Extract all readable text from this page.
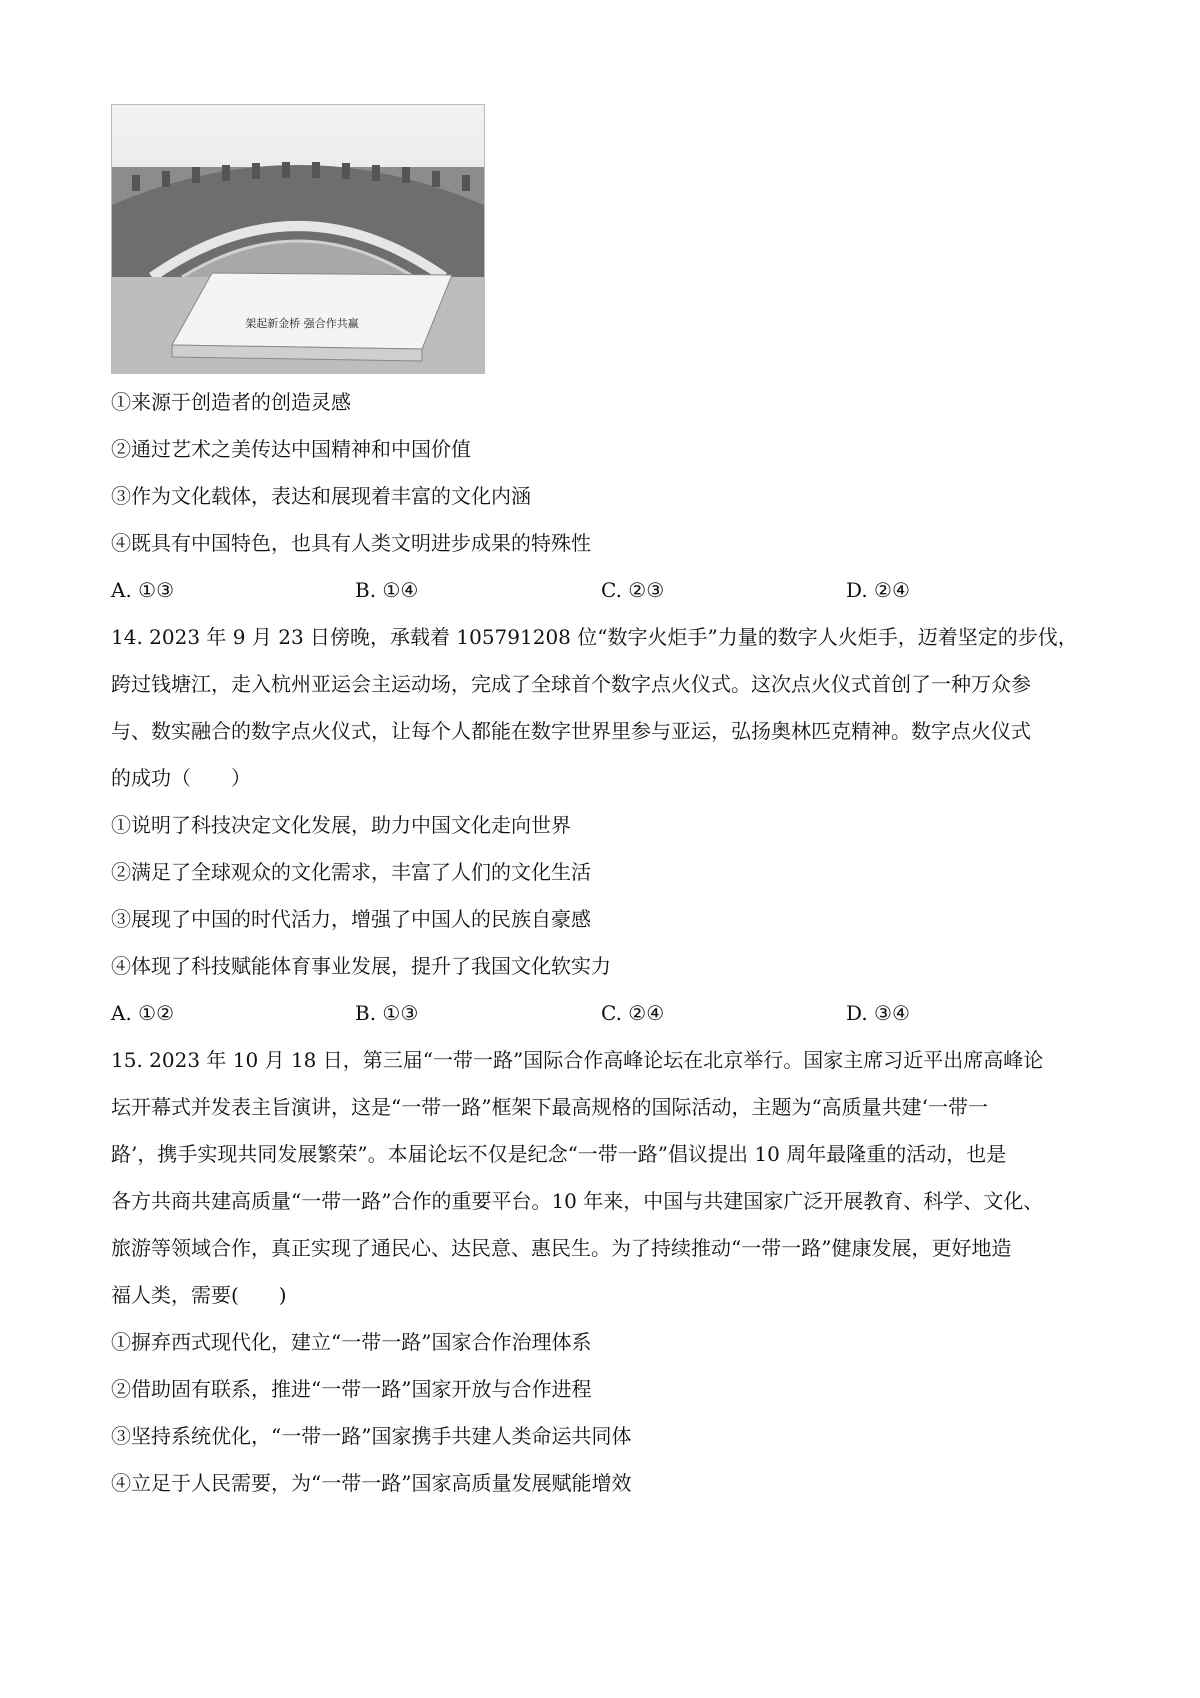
架起新金桥 强合作共赢
①来源于创造者的创造灵感
②通过艺术之美传达中国精神和中国价值
③作为文化载体，表达和展现着丰富的文化内涵
④既具有中国特色，也具有人类文明进步成果的特殊性
A. ①③	B. ①④	C. ②③	D. ②④
14. 2023 年 9 月 23 日傍晚，承载着 105791208 位“数字火炬手”力量的数字人火炬手，迈着坚定的步伐，
跨过钱塘江，走入杭州亚运会主运动场，完成了全球首个数字点火仪式。这次点火仪式首创了一种万众参
与、数实融合的数字点火仪式，让每个人都能在数字世界里参与亚运，弘扬奥林匹克精神。数字点火仪式
的成功（　　）
①说明了科技决定文化发展，助力中国文化走向世界
②满足了全球观众的文化需求，丰富了人们的文化生活
③展现了中国的时代活力，增强了中国人的民族自豪感
④体现了科技赋能体育事业发展，提升了我国文化软实力
A. ①②	B. ①③	C. ②④	D. ③④
15. 2023 年 10 月 18 日，第三届“一带一路”国际合作高峰论坛在北京举行。国家主席习近平出席高峰论
坛开幕式并发表主旨演讲，这是“一带一路”框架下最高规格的国际活动，主题为“高质量共建‘一带一
路’，携手实现共同发展繁荣”。本届论坛不仅是纪念“一带一路”倡议提出 10 周年最隆重的活动，也是
各方共商共建高质量“一带一路”合作的重要平台。10 年来，中国与共建国家广泛开展教育、科学、文化、
旅游等领域合作，真正实现了通民心、达民意、惠民生。为了持续推动“一带一路”健康发展，更好地造
福人类，需要(　　)
①摒弃西式现代化，建立“一带一路”国家合作治理体系
②借助固有联系，推进“一带一路”国家开放与合作进程
③坚持系统优化，“一带一路”国家携手共建人类命运共同体
④立足于人民需要，为“一带一路”国家高质量发展赋能增效
